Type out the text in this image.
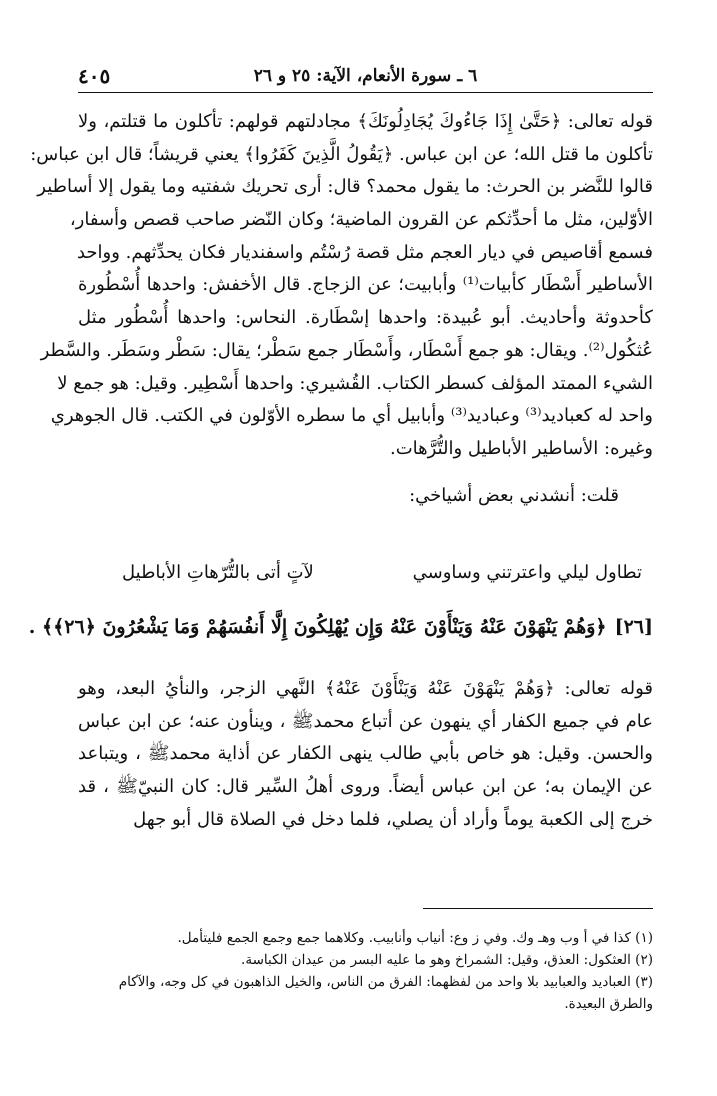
٦ ـ سورة الأنعام، الآية: ٢٥ و ٢٦
٤٠٥
قوله تعالى: ﴿حَتَّىٰ إِذَا جَاءُوكَ يُجَادِلُونَكَ﴾ مجادلتهم قولهم: تأكلون ما قتلتم، ولا
تأكلون ما قتل الله؛ عن ابن عباس. ﴿يَقُولُ الَّذِينَ كَفَرُوا﴾ يعني قريشاً؛ قال ابن عباس:
قالوا للنَّضر بن الحرث: ما يقول محمد؟ قال: أرى تحريك شفتيه وما يقول إلا أساطير
الأوّلين، مثل ما أحدِّثكم عن القرون الماضية؛ وكان النّضر صاحب قصص وأسفار،
فسمع أقاصيص في ديار العجم مثل قصة رُسْتُم واسفنديار فكان يحدِّثهم. وواحد
الأساطير أَسْطَار كأبيات⁽¹⁾ وأبابيت؛ عن الزجاج. قال الأخفش: واحدها أُسْطُورة
كأحدوثة وأحاديث. أبو عُبيدة: واحدها إسْطَارة. النحاس: واحدها أُسْطُور مثل
عُثكُول⁽²⁾. ويقال: هو جمع أَسْطَار، وأَسْطَار جمع سَطْر؛ يقال: سَطْر وسَطَر. والسَّطر
الشيء الممتد المؤلف كسطر الكتاب. القُشيري: واحدها أَسْطِير. وقيل: هو جمع لا
واحد له كعباديد⁽³⁾ وعباديد⁽³⁾ وأبابيل أي ما سطره الأوّلون في الكتب. قال الجوهري
وغيره: الأساطير الأباطيل والتُّرَّهات.
قلت: أنشدني بعض أشياخي:
تطاول ليلي واعترتني وساوسي
لآتٍ أتى بالتُّرّهاتِ الأباطيل
[٢٦]
﴿وَهُمْ يَنْهَوْنَ عَنْهُ وَيَنْأَوْنَ عَنْهُ وَإِن يُهْلِكُونَ إِلَّا أَنفُسَهُمْ وَمَا يَشْعُرُونَ ﴿٢٦﴾﴾ .
قوله تعالى: ﴿وَهُمْ يَنْهَوْنَ عَنْهُ وَيَنْأَوْنَ عَنْهُ﴾ النَّهي الزجر، والنأيُ البعد، وهو
عام في جميع الكفار أي ينهون عن أتباع محمدﷺ ، وينأون عنه؛ عن ابن عباس
والحسن. وقيل: هو خاص بأبي طالب ينهى الكفار عن أذاية محمدﷺ ، ويتباعد
عن الإيمان به؛ عن ابن عباس أيضاً. وروى أهلُ السِّير قال: كان النبيّﷺ ، قد
خرج إلى الكعبة يوماً وأراد أن يصلي، فلما دخل في الصلاة قال أبو جهل
(١) كذا في أ وب وهـ وك. وفي ز وع: أنياب وأنابيب. وكلاهما جمع وجمع الجمع فليتأمل.
(٢) العثكول: العذق، وقيل: الشمراخ وهو ما عليه البسر من عيدان الكباسة.
(٣) العباديد والعبابيد بلا واحد من لفظهما: الفرق من الناس، والخيل الذاهبون في كل وجه، والآكام والطرق البعيدة.
